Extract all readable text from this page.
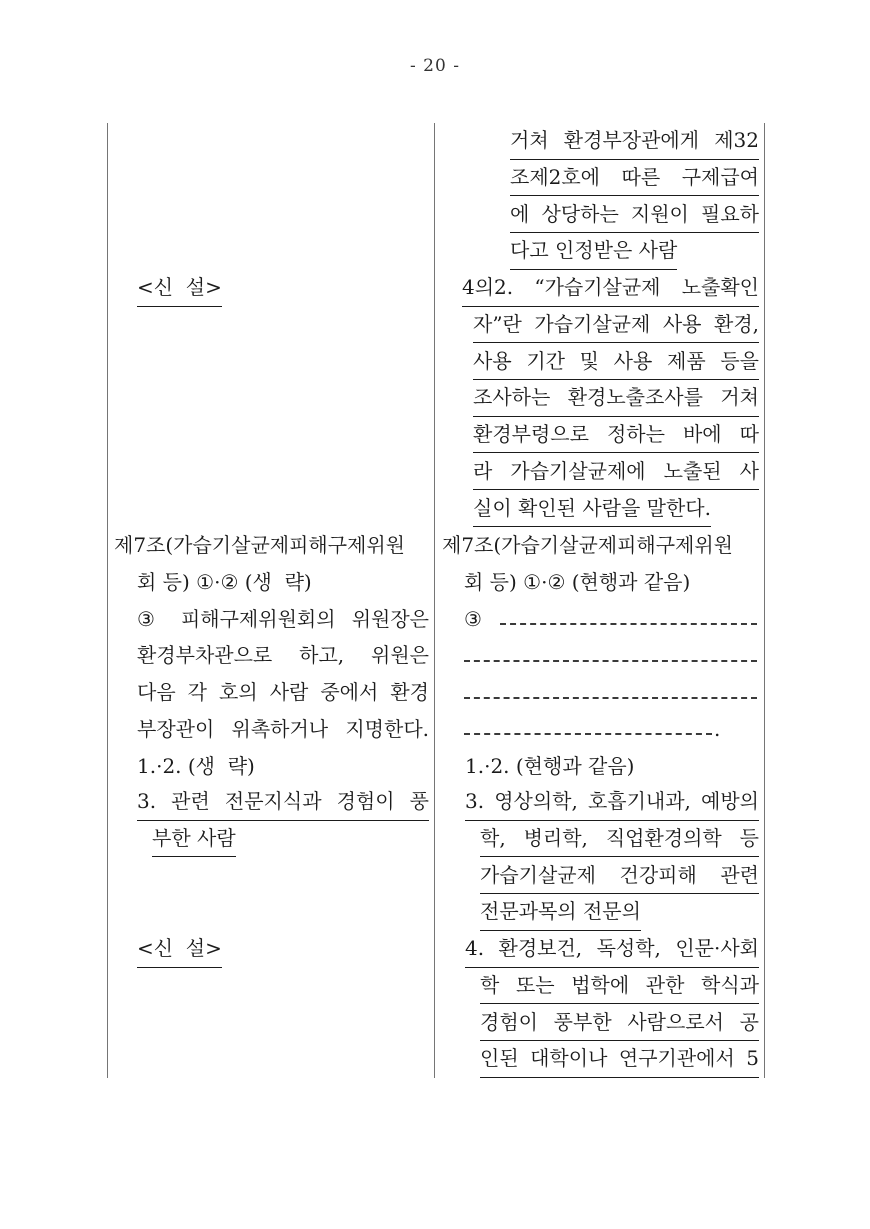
- 20 -
<신  설>
제7조(가습기살균제피해구제위원
회 등) ①·② (생  략)
③ 피해구제위원회의 위원장은
환경부차관으로 하고, 위원은
다음 각 호의 사람 중에서 환경
부장관이 위촉하거나 지명한다.
1.·2. (생  략)
3. 관련 전문지식과 경험이 풍
부한 사람
<신  설>
거쳐 환경부장관에게 제32
조제2호에 따른 구제급여
에 상당하는 지원이 필요하
다고 인정받은 사람
4의2. “가습기살균제 노출확인
자”란 가습기살균제 사용 환경,
사용 기간 및 사용 제품 등을
조사하는 환경노출조사를 거쳐
환경부령으로 정하는 바에 따
라 가습기살균제에 노출된 사
실이 확인된 사람을 말한다.
제7조(가습기살균제피해구제위원
회 등) ①·② (현행과 같음)
③
.
1.·2. (현행과 같음)
3. 영상의학, 호흡기내과, 예방의
학, 병리학, 직업환경의학 등
가습기살균제 건강피해 관련
전문과목의 전문의
4. 환경보건, 독성학, 인문·사회
학 또는 법학에 관한 학식과
경험이 풍부한 사람으로서 공
인된 대학이나 연구기관에서 5
